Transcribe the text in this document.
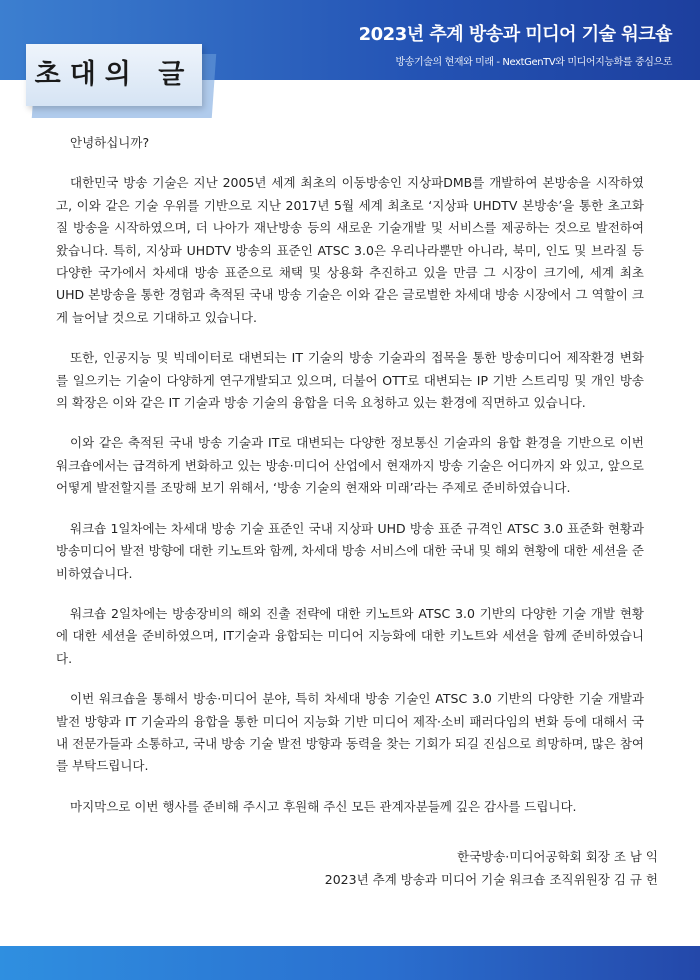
2023년 추계 방송과 미디어 기술 워크숍
방송기술의 현재와 미래 - NextGenTV와 미디어지능화를 중심으로
초대의 글

안녕하십니까?

대한민국 방송 기술은 지난 2005년 세계 최초의 이동방송인 지상파DMB를 개발하여 본방송을 시작하였고, 이와 같은 기술 우위를 기반으로 지난 2017년 5월 세계 최초로 ‘지상파 UHDTV 본방송’을 통한 초고화질 방송을 시작하였으며, 더 나아가 재난방송 등의 새로운 기술개발 및 서비스를 제공하는 것으로 발전하여 왔습니다. 특히, 지상파 UHDTV 방송의 표준인 ATSC 3.0은 우리나라뿐만 아니라, 북미, 인도 및 브라질 등 다양한 국가에서 차세대 방송 표준으로 채택 및 상용화 추진하고 있을 만큼 그 시장이 크기에, 세계 최초 UHD 본방송을 통한 경험과 축적된 국내 방송 기술은 이와 같은 글로벌한 차세대 방송 시장에서 그 역할이 크게 늘어날 것으로 기대하고 있습니다.

또한, 인공지능 및 빅데이터로 대변되는 IT 기술의 방송 기술과의 접목을 통한 방송미디어 제작환경 변화를 일으키는 기술이 다양하게 연구개발되고 있으며, 더불어 OTT로 대변되는 IP 기반 스트리밍 및 개인 방송의 확장은 이와 같은 IT 기술과 방송 기술의 융합을 더욱 요청하고 있는 환경에 직면하고 있습니다.

이와 같은 축적된 국내 방송 기술과 IT로 대변되는 다양한 정보통신 기술과의 융합 환경을 기반으로 이번 워크숍에서는 급격하게 변화하고 있는 방송·미디어 산업에서 현재까지 방송 기술은 어디까지 와 있고, 앞으로 어떻게 발전할지를 조망해 보기 위해서, ‘방송 기술의 현재와 미래’라는 주제로 준비하였습니다.

워크숍 1일차에는 차세대 방송 기술 표준인 국내 지상파 UHD 방송 표준 규격인 ATSC 3.0 표준화 현황과 방송미디어 발전 방향에 대한 키노트와 함께, 차세대 방송 서비스에 대한 국내 및 해외 현황에 대한 세션을 준비하였습니다.

워크숍 2일차에는 방송장비의 해외 진출 전략에 대한 키노트와 ATSC 3.0 기반의 다양한 기술 개발 현황에 대한 세션을 준비하였으며, IT기술과 융합되는 미디어 지능화에 대한 키노트와 세션을 함께 준비하였습니다.

이번 워크숍을 통해서 방송·미디어 분야, 특히 차세대 방송 기술인 ATSC 3.0 기반의 다양한 기술 개발과 발전 방향과 IT 기술과의 융합을 통한 미디어 지능화 기반 미디어 제작·소비 패러다임의 변화 등에 대해서 국내 전문가들과 소통하고, 국내 방송 기술 발전 방향과 동력을 찾는 기회가 되길 진심으로 희망하며, 많은 참여를 부탁드립니다.

마지막으로 이번 행사를 준비해 주시고 후원해 주신 모든 관계자분들께 깊은 감사를 드립니다.

한국방송·미디어공학회 회장 조 남 익
2023년 추계 방송과 미디어 기술 워크숍 조직위원장 김 규 헌
